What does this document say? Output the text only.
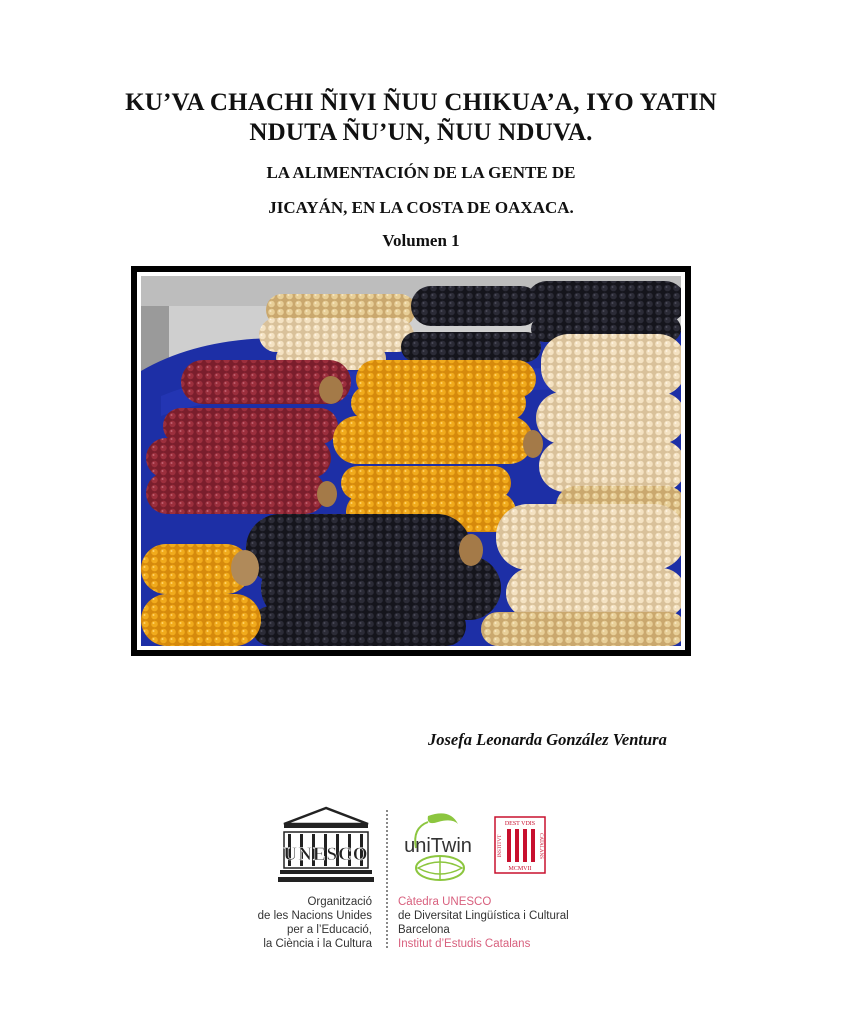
KU’VA CHACHI ÑIVI ÑUU CHIKUA’A, IYO YATIN
NDUTA ÑU’UN, ÑUU NDUVA.
LA ALIMENTACIÓN DE LA GENTE DE
JICAYÁN, EN LA COSTA DE OAXACA.
Volumen 1
Josefa Leonarda González Ventura
UNESCO uniTwin
DEST VDIS
MCMVII
INSTITVT	CATALANS
Organització
de les Nacions Unides
per a l’Educació,
la Ciència i la Cultura
Càtedra UNESCO
de Diversitat Lingüística i Cultural
Barcelona
Institut d’Estudis Catalans
